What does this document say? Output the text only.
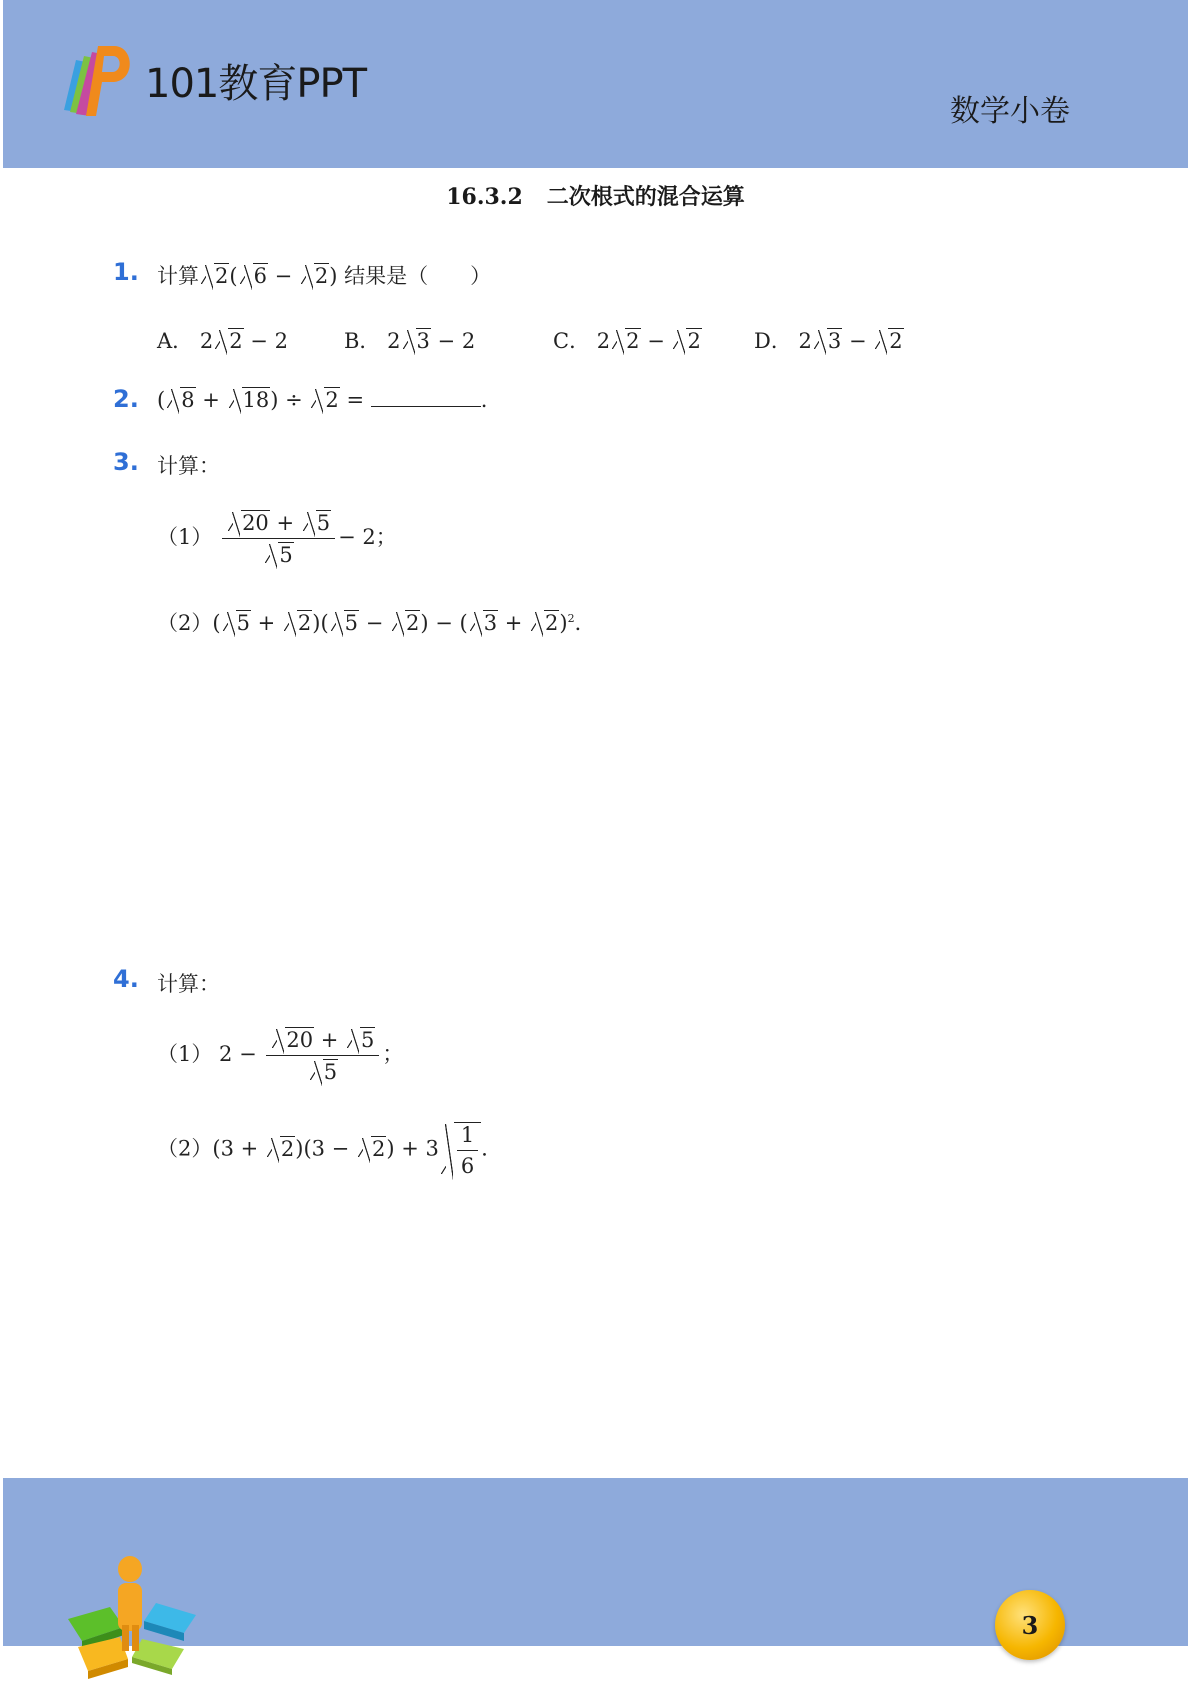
101教育PPT
数学小卷
16.3.2 二次根式的混合运算
1. 计算 2( 6 − 2) 结果是（　　）
A． 2 2 − 2	B． 2 3 − 2	C． 2 2 − 2	D． 2 3 − 2
2. ( 8 + 18) ÷ 2 =	.
3. 计算：
$(1) \frac{20 + 5}{5} - 2$；
（2）( 5 + 2)( 5 − 2) − ( 3 + 2)$^2$．
4. 计算：
（1） $2 - \frac{20 + 5}{5}$ ；
$(2)(3 + 2)(3 - 2) + 3 \frac{1}{6}$ ．
3
